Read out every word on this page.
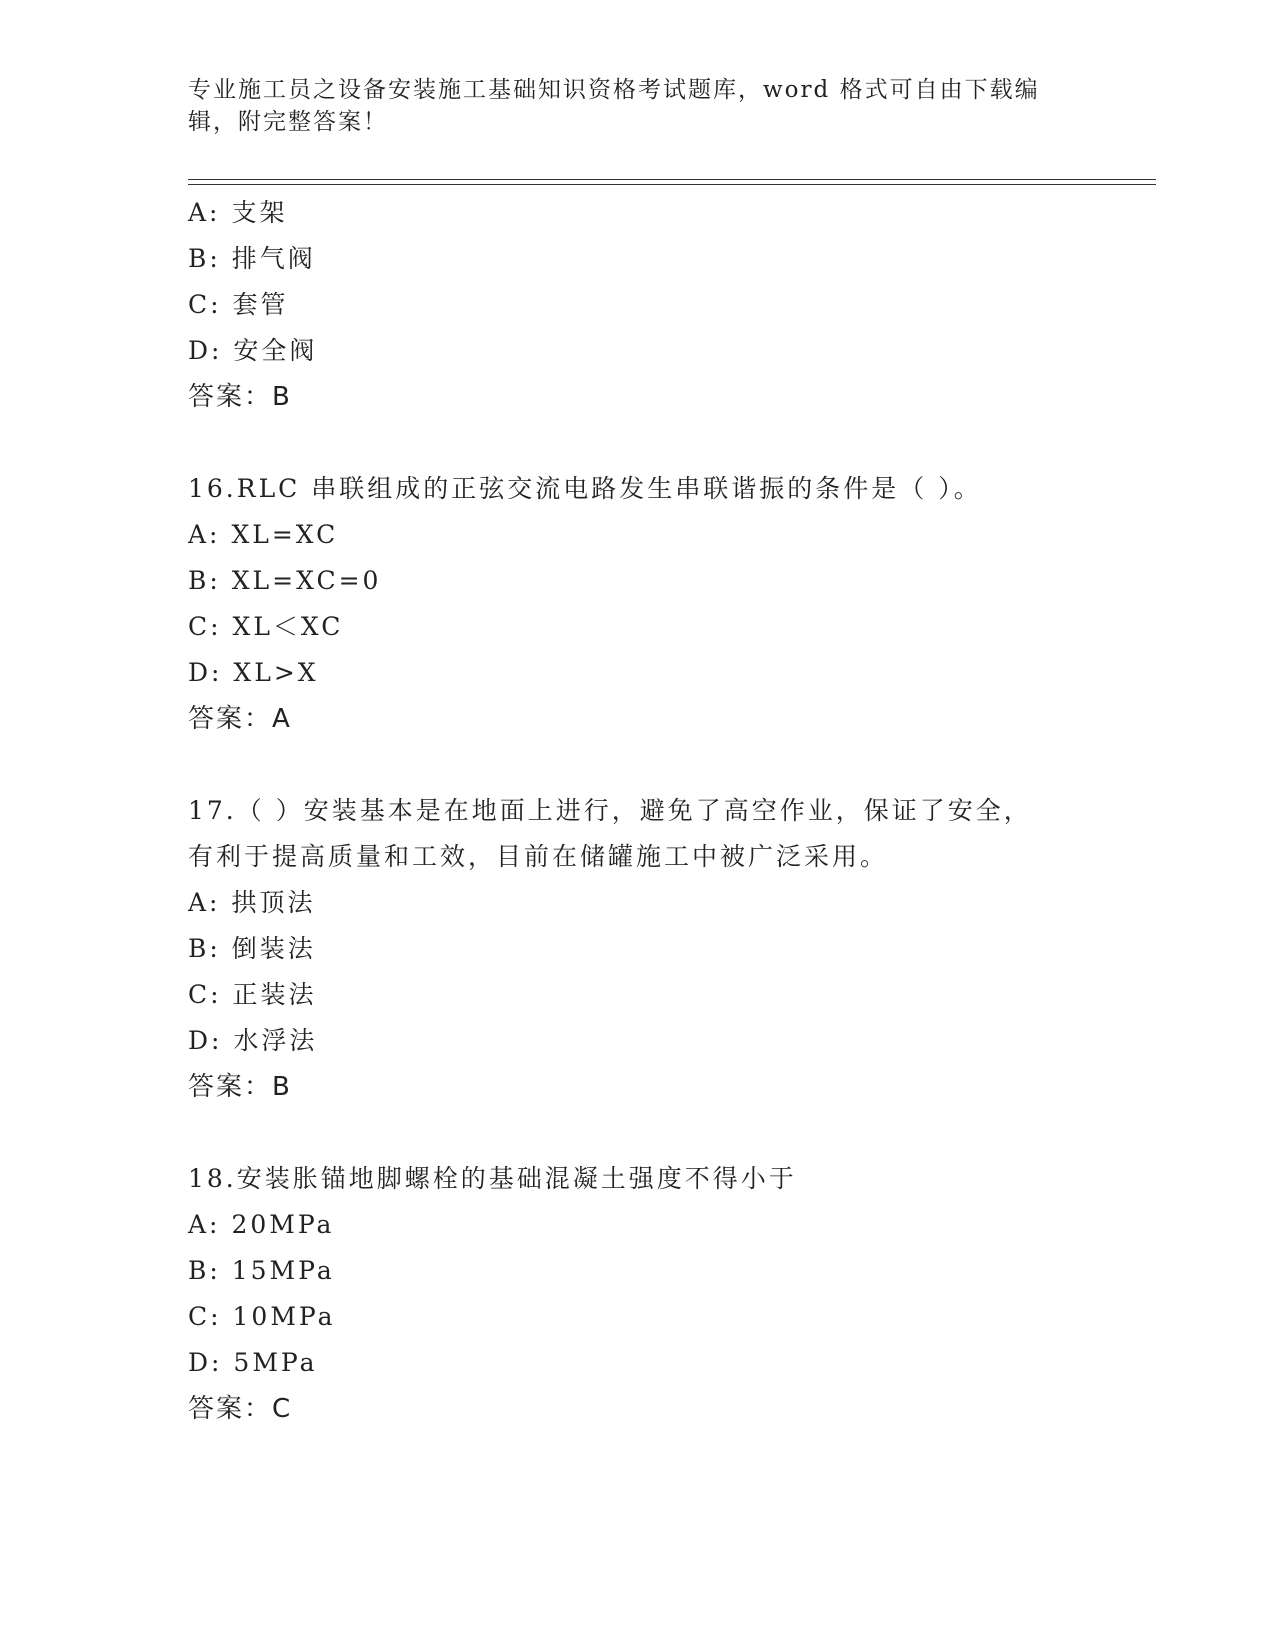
专业施工员之设备安装施工基础知识资格考试题库，word 格式可自由下载编辑，附完整答案！
A: 支架
B: 排气阀
C: 套管
D: 安全阀
答案：B
16.RLC 串联组成的正弦交流电路发生串联谐振的条件是（ ）。
A: XL=XC
B: XL=XC=0
C: XL＜XC
D: XL>X
答案：A
17.（ ）安装基本是在地面上进行，避免了高空作业，保证了安全，
有利于提高质量和工效，目前在储罐施工中被广泛采用。
A: 拱顶法
B: 倒装法
C: 正装法
D: 水浮法
答案：B
18.安装胀锚地脚螺栓的基础混凝土强度不得小于
A: 20MPa
B: 15MPa
C: 10MPa
D: 5MPa
答案：C
